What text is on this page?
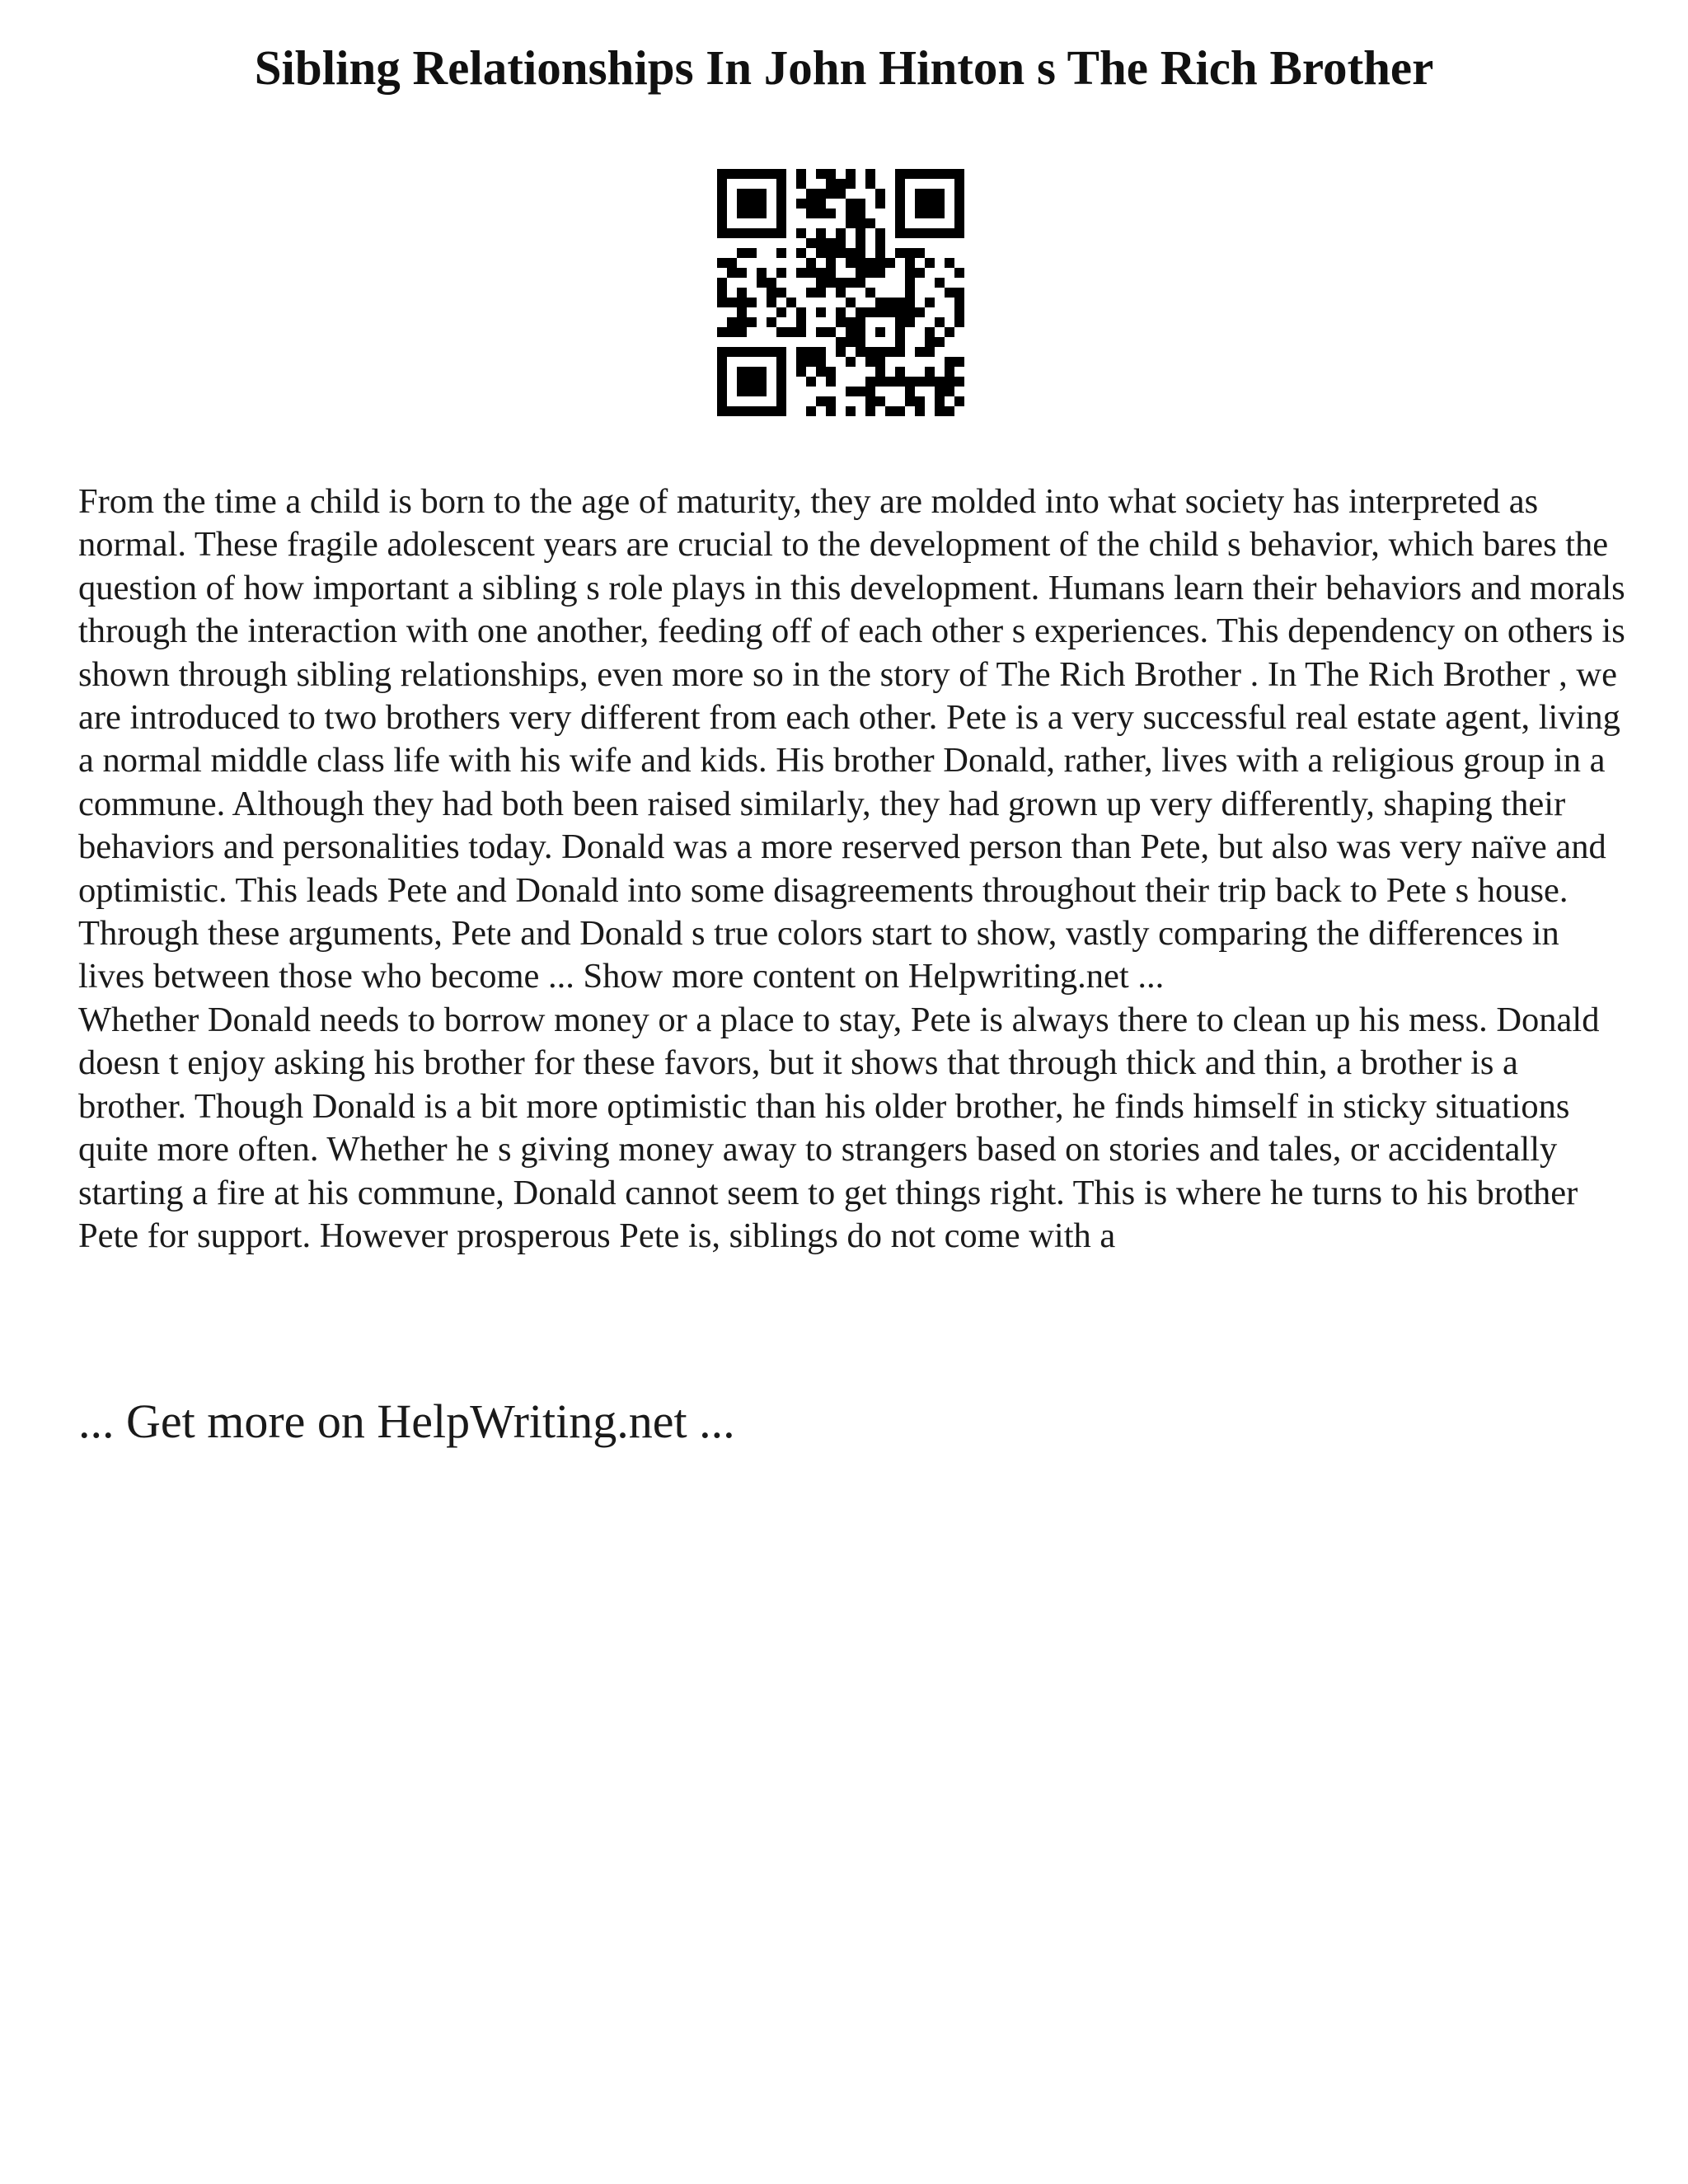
Sibling Relationships In John Hinton s The Rich Brother

From the time a child is born to the age of maturity, they are molded into what society has interpreted as normal. These fragile adolescent years are crucial to the development of the child s behavior, which bares the question of how important a sibling s role plays in this development. Humans learn their behaviors and morals through the interaction with one another, feeding off of each other s experiences. This dependency on others is shown through sibling relationships, even more so in the story of The Rich Brother . In The Rich Brother , we are introduced to two brothers very different from each other. Pete is a very successful real estate agent, living a normal middle class life with his wife and kids. His brother Donald, rather, lives with a religious group in a commune. Although they had both been raised similarly, they had grown up very differently, shaping their behaviors and personalities today. Donald was a more reserved person than Pete, but also was very naïve and optimistic. This leads Pete and Donald into some disagreements throughout their trip back to Pete s house. Through these arguments, Pete and Donald s true colors start to show, vastly comparing the differences in lives between those who become ... Show more content on Helpwriting.net ...

Whether Donald needs to borrow money or a place to stay, Pete is always there to clean up his mess. Donald doesn t enjoy asking his brother for these favors, but it shows that through thick and thin, a brother is a brother. Though Donald is a bit more optimistic than his older brother, he finds himself in sticky situations quite more often. Whether he s giving money away to strangers based on stories and tales, or accidentally starting a fire at his commune, Donald cannot seem to get things right. This is where he turns to his brother Pete for support. However prosperous Pete is, siblings do not come with a

... Get more on HelpWriting.net ...
